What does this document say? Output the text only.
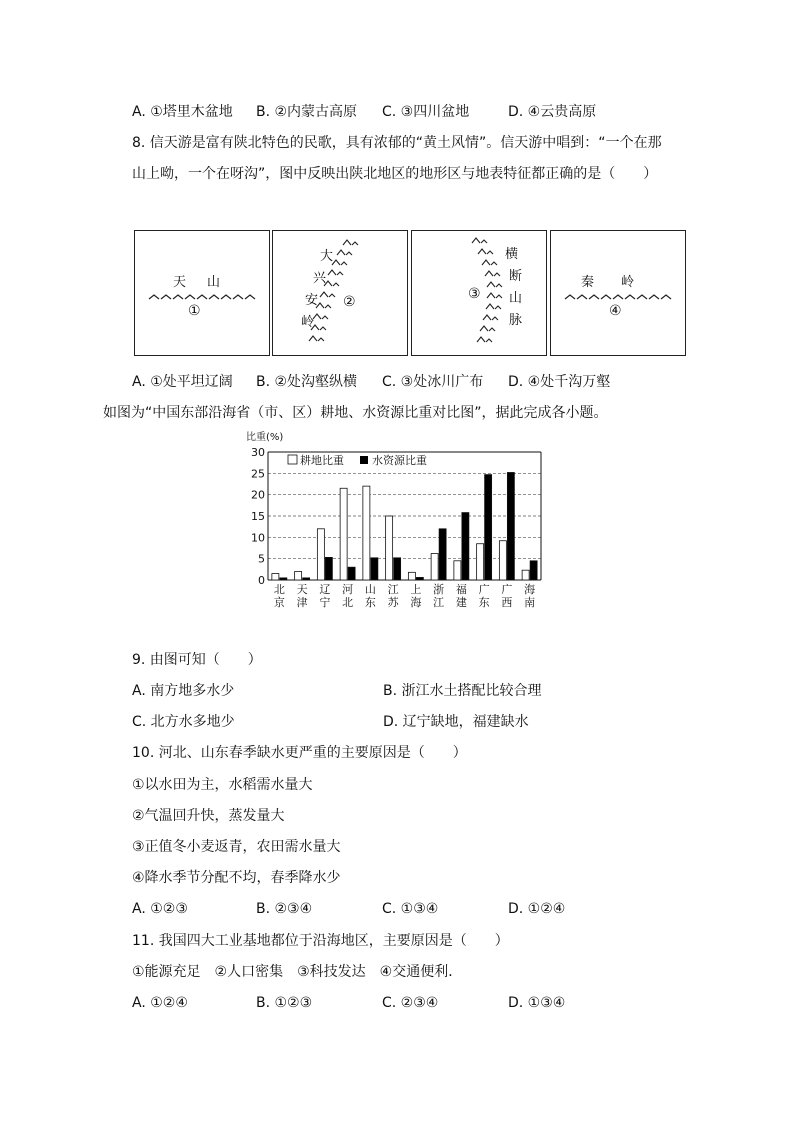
A. ①塔里木盆地 B. ②内蒙古高原 C. ③四川盆地	D. ④云贵高原
8. 信天游是富有陕北特色的民歌，具有浓郁的“黄土风情”。信天游中唱到：“一个在那
山上呦，一个在呀沟”，图中反映出陕北地区的地形区与地表特征都正确的是（　　）
天 山
①
大
兴
安
岭
②
横
断
山
脉
③
秦 岭
④
A. ①处平坦辽阔 B. ②处沟壑纵横 C. ③处冰川广布 D. ④处千沟万壑
如图为“中国东部沿海省（市、区）耕地、水资源比重对比图”，据此完成各小题。
比重(%)
0
5
10
15
20
25
30
北
京
天
津
辽
宁
河
北
山
东
江
苏
上
海
浙
江
福
建
广
东
广
西
海
南
耕地比重	水资源比重
9. 由图可知（　　）
A. 南方地多水少	B. 浙江水土搭配比较合理
C. 北方水多地少	D. 辽宁缺地，福建缺水
10. 河北、山东春季缺水更严重的主要原因是（　　）
①以水田为主，水稻需水量大
②气温回升快，蒸发量大
③正值冬小麦返青，农田需水量大
④降水季节分配不均，春季降水少
A. ①②③	B. ②③④	C. ①③④	D. ①②④
11. 我国四大工业基地都位于沿海地区，主要原因是（　　）
①能源充足　②人口密集　③科技发达　④交通便利．
A. ①②④	B. ①②③	C. ②③④	D. ①③④
